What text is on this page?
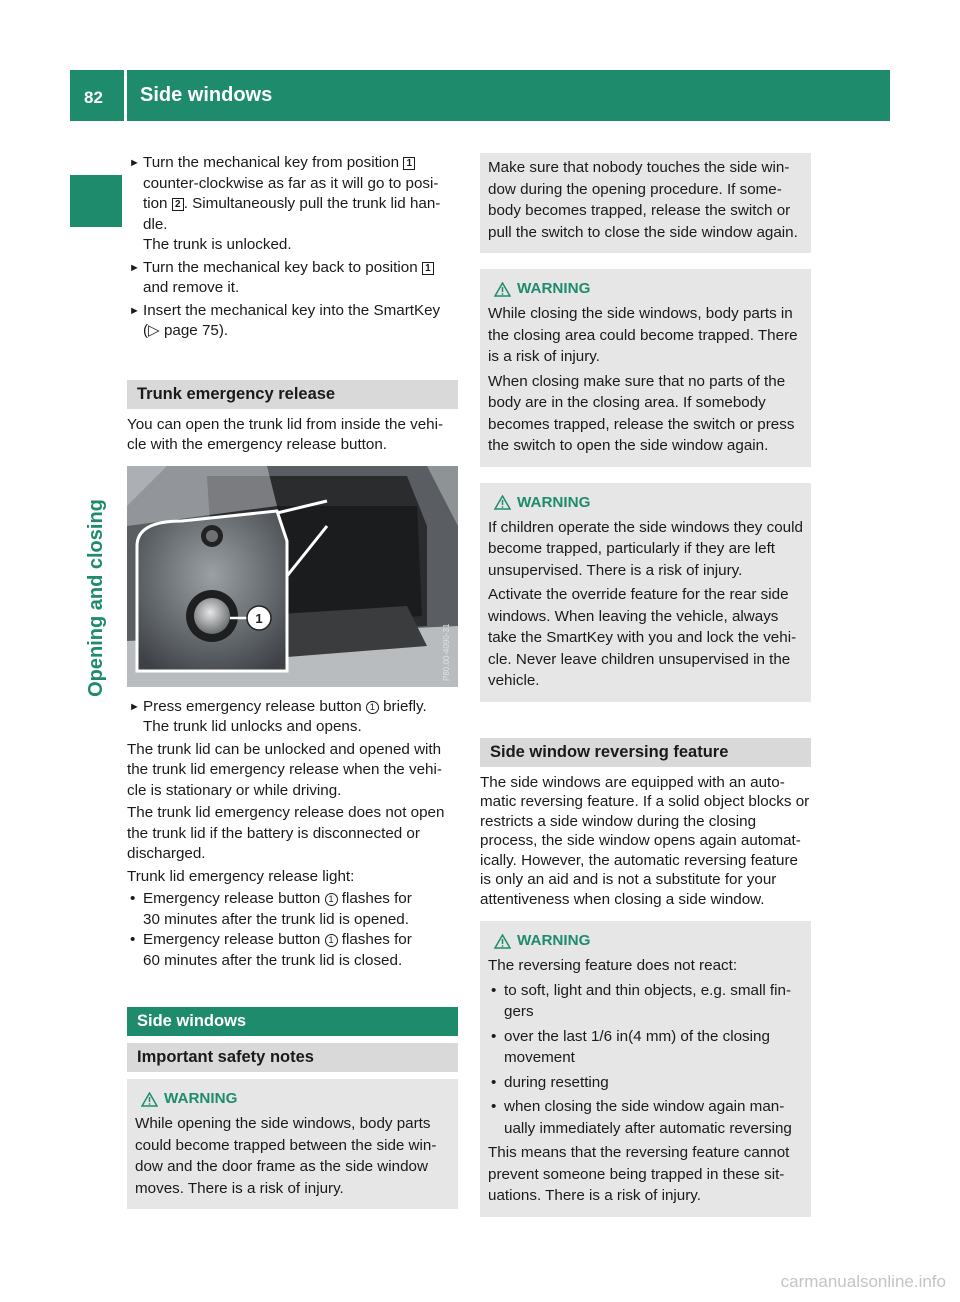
82 Side windows
Opening and closing
► Turn the mechanical key from position 1
counter-clockwise as far as it will go to posi-
tion 2 . Simultaneously pull the trunk lid han-
dle.
The trunk is unlocked.
► Turn the mechanical key back to position 1
and remove it.
► Insert the mechanical key into the SmartKey
(▷ page 75).
Trunk emergency release
You can open the trunk lid from inside the vehi-cle with the emergency release button.
1
P80.00-4090-31
► Press emergency release button 1 briefly.
The trunk lid unlocks and opens.
The trunk lid can be unlocked and opened with the trunk lid emergency release when the vehi-cle is stationary or while driving.
The trunk lid emergency release does not open the trunk lid if the battery is disconnected or discharged.
Trunk lid emergency release light:
• Emergency release button 1 flashes for
30 minutes after the trunk lid is opened.
• Emergency release button 1 flashes for
60 minutes after the trunk lid is closed.
Side windows
Important safety notes
WARNING

While opening the side windows, body parts could become trapped between the side win-dow and the door frame as the side window moves. There is a risk of injury.

Make sure that nobody touches the side win-dow during the opening procedure. If some-body becomes trapped, release the switch or pull the switch to close the side window again.

WARNING

While closing the side windows, body parts in the closing area could become trapped. There is a risk of injury.

When closing make sure that no parts of the body are in the closing area. If somebody becomes trapped, release the switch or press the switch to open the side window again.

WARNING

If children operate the side windows they could become trapped, particularly if they are left unsupervised. There is a risk of injury.

Activate the override feature for the rear side windows. When leaving the vehicle, always take the SmartKey with you and lock the vehi-cle. Never leave children unsupervised in the vehicle.

Side window reversing feature
The side windows are equipped with an auto-matic reversing feature. If a solid object blocks or restricts a side window during the closing process, the side window opens again automat-ically. However, the automatic reversing feature is only an aid and is not a substitute for your attentiveness when closing a side window.
WARNING

The reversing feature does not react:

• to soft, light and thin objects, e.g. small fin-gers
• over the last 1/6 in(4 mm) of the closing movement
• during resetting
• when closing the side window again man-ually immediately after automatic reversing

This means that the reversing feature cannot prevent someone being trapped in these sit-uations. There is a risk of injury.

carmanualsonline.info
